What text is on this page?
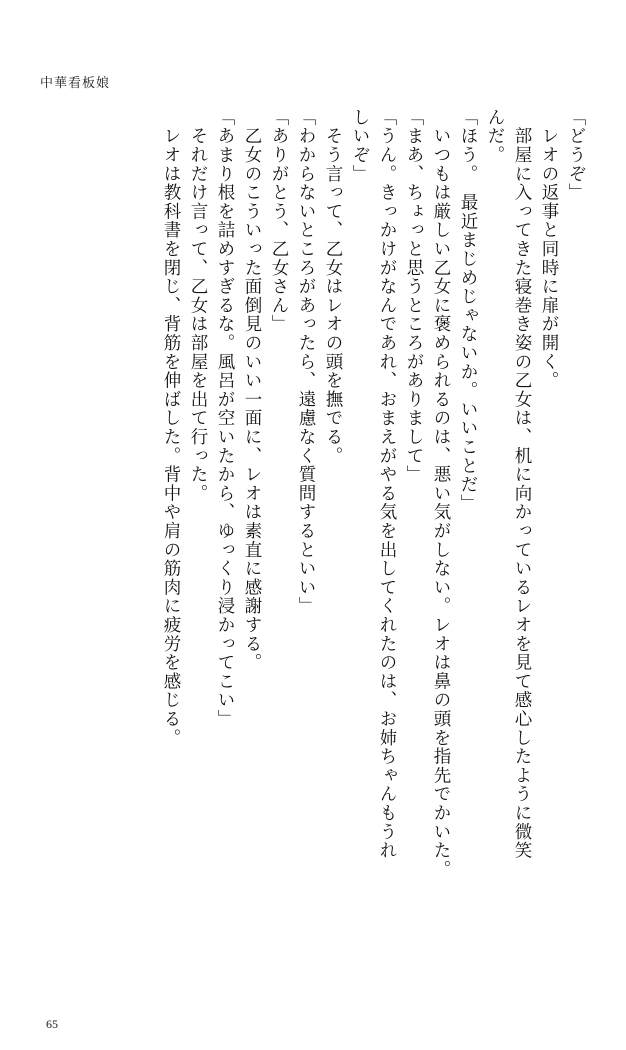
中華看板娘
「どうぞ」
　レオの返事と同時に扉が開く。
　部屋に入ってきた寝巻き姿の乙女は、机に向かっているレオを見て感心したように微笑
んだ。
「ほう。　最近まじめじゃないか。いいことだ」
　いつもは厳しい乙女に褒められるのは、悪い気がしない。レオは鼻の頭を指先でかいた。
「まあ、ちょっと思うところがありまして」
「うん。きっかけがなんであれ、おまえがやる気を出してくれたのは、お姉ちゃんもうれ
しいぞ」
　そう言って、乙女はレオの頭を撫でる。
「わからないところがあったら、遠慮なく質問するといい」
「ありがとう、乙女さん」
　乙女のこういった面倒見のいい一面に、レオは素直に感謝する。
「あまり根を詰めすぎるな。風呂が空いたから、ゆっくり浸かってこい」
　それだけ言って、乙女は部屋を出て行った。
　レオは教科書を閉じ、背筋を伸ばした。背中や肩の筋肉に疲労を感じる。
65
